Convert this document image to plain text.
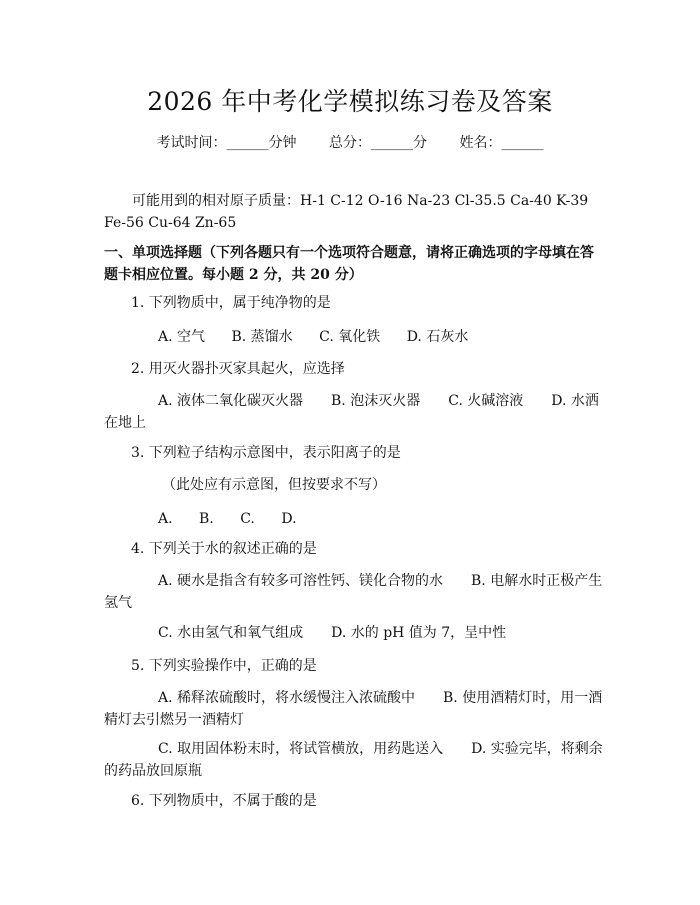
2026 年中考化学模拟练习卷及答案
考试时间：______分钟 总分：______分 姓名：______
可能用到的相对原子质量：H-1 C-12 O-16 Na-23 Cl-35.5 Ca-40 K-39 Fe-56 Cu-64 Zn-65
一、单项选择题（下列各题只有一个选项符合题意，请将正确选项的字母填在答题卡相应位置。每小题 2 分，共 20 分）
1. 下列物质中，属于纯净物的是
A. 空气 B. 蒸馏水 C. 氧化铁 D. 石灰水
2. 用灭火器扑灭家具起火，应选择
A. 液体二氧化碳灭火器　　B. 泡沫灭火器　　C. 火碱溶液　　D. 水洒在地上
3. 下列粒子结构示意图中，表示阳离子的是
（此处应有示意图，但按要求不写）
A. B. C. D.
4. 下列关于水的叙述正确的是
A. 硬水是指含有较多可溶性钙、镁化合物的水　　B. 电解水时正极产生氢气
C. 水由氢气和氧气组成　　D. 水的 pH 值为 7，呈中性
5. 下列实验操作中，正确的是
A. 稀释浓硫酸时，将水缓慢注入浓硫酸中　　B. 使用酒精灯时，用一酒精灯去引燃另一酒精灯
C. 取用固体粉末时，将试管横放，用药匙送入　　D. 实验完毕，将剩余的药品放回原瓶
6. 下列物质中，不属于酸的是
